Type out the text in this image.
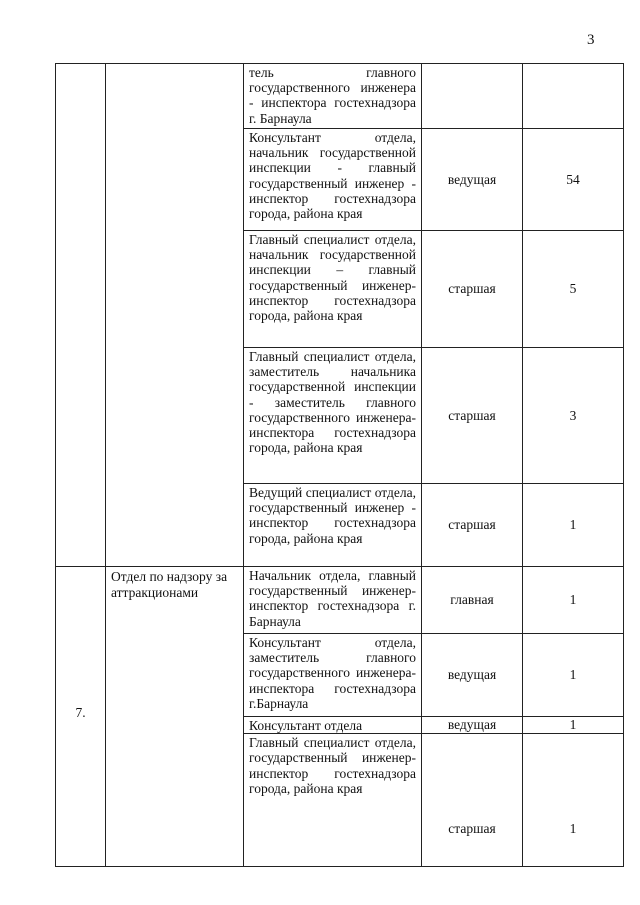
3
		тель главного государственного инженера - инспектора гостехнадзора г. Барнаула		
		Консультант отдела, начальник государственной инспекции - главный государственный инженер - инспектор гостехнадзора города, района края	ведущая	54
		Главный специалист отдела, начальник государственной инспекции – главный государственный инженер-инспектор гостехнадзора города, района края	старшая	5
		Главный специалист отдела, заместитель начальника государственной инспекции - заместитель главного государственного инженера-инспектора гостехнадзора города, района края	старшая	3
		Ведущий специалист отдела, государственный инженер - инспектор гостехнадзора города, района края	старшая	1

7.	Отдел по надзору за аттракционами	Начальник отдела, главный государственный инженер-инспектор гостехнадзора г. Барнаула	главная	1
		Консультант отдела, заместитель главного государственного инженера-инспектора гостехнадзора г.Барнаула	ведущая	1
		Консультант отдела	ведущая	1
		Главный специалист отдела, государственный инженер-инспектор гостехнадзора города, района края	старшая	1
